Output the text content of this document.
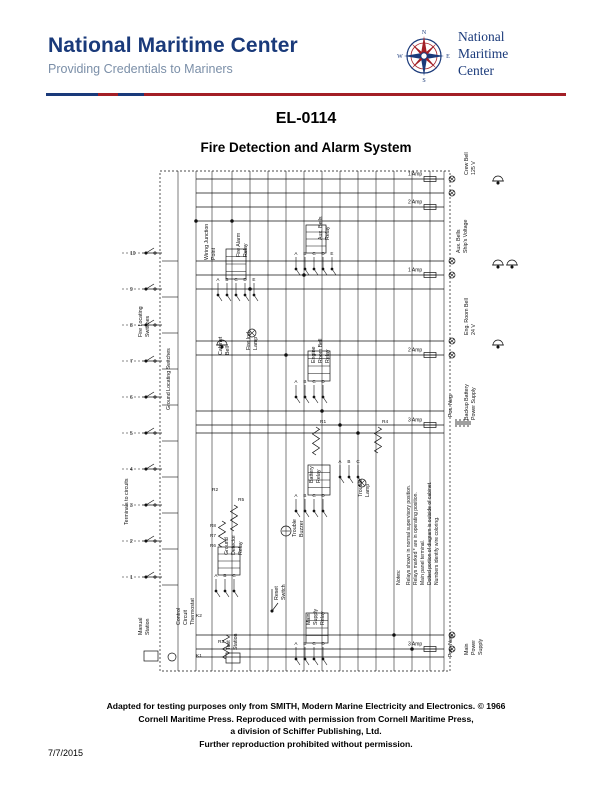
National Maritime Center
Providing Credentials to Mariners
N
S
E
W
National
Maritime
Center
EL-0114
Fire Detection and Alarm System
1 Amp
2 Amp
1 Amp
2 Amp
3 Amp
3 Amp
10
9
8
7
6
5
4
3
2
1
A B C D E
A B C D E
A B C D
A B C D
A B C
A B C D
A B C
R1	R4
R5
R8
R7
R6
R3
K2
K1
R2
Fire Locating Switches
Ground Locating Switches
Terminals to circuits
Wiring Junction Point	Fire Alarm Relay
Aux. Bells Relay
Fire Ind. Lamp
Cabinet Bell	Engine Room Bell Relay
Battery Relay
Trouble Lamp
Trouble Buzzer
Ground Detector Relay
Reset Switch
Main Supply Relay
Manual Station
Control Circuit Thermostat
Test Station
Crew Bell 125 V
Aux. Bells Ship's Voltage
Eng. Room Bell 24 V
Backup Battery Power Supply
Pos. Neg.
Main Power Supply
Pos. Neg.
Notes: Relays shown in normal supervisory position. Relays marked * are in operating position. Main panel terminal. Dotted portion of diagram is outside of cabinet. Numbers identify wire coloring.
Adapted for testing purposes only from SMITH, Modern Marine Electricity and Electronics. © 1966
Cornell Maritime Press. Reproduced with permission from Cornell Maritime Press,
a division of Schiffer Publishing, Ltd.
Further reproduction prohibited without permission.
7/7/2015
